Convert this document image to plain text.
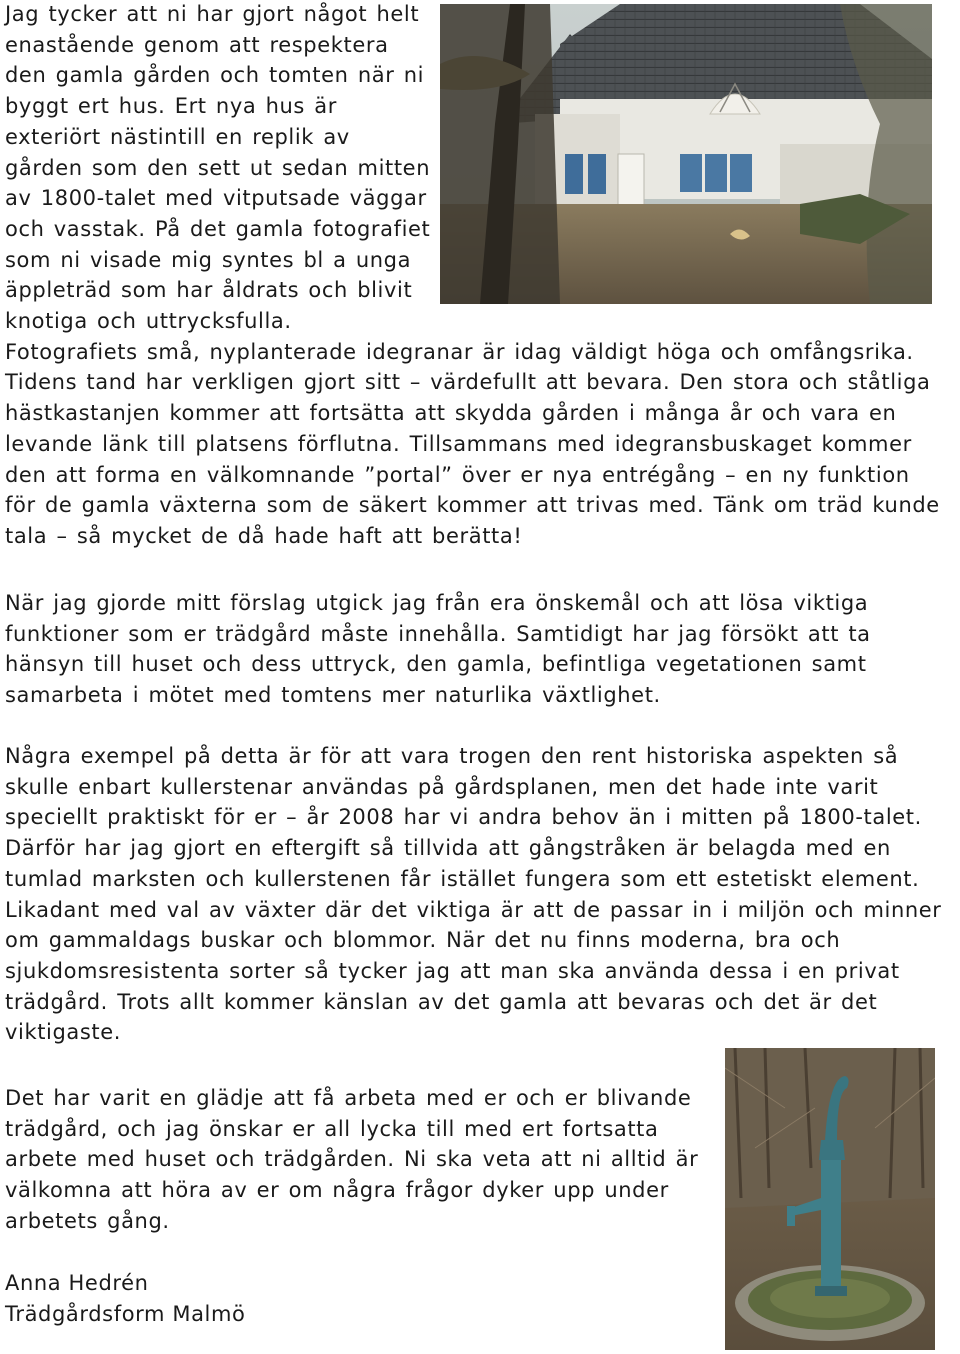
Jag tycker att ni har gjort något helt enastående genom att respektera den gamla gården och tomten när ni byggt ert hus. Ert nya hus är exteriört nästintill en replik av gården som den sett ut sedan mitten av 1800-talet med vitputsade väggar och vasstak. På det gamla fotografiet som ni visade mig syntes bl a unga äppleträd som har åldrats och blivit knotiga och uttrycksfulla. Fotografiets små, nyplanterade idegranar är idag väldigt höga och omfångsrika. Tidens tand har verkligen gjort sitt – värdefullt att bevara. Den stora och ståtliga hästkastanjen kommer att fortsätta att skydda gården i många år och vara en levande länk till platsens förflutna. Tillsammans med idegransbuskaget kommer den att forma en välkomnande ”portal” över er nya entrégång – en ny funktion för de gamla växterna som de säkert kommer att trivas med. Tänk om träd kunde tala – så mycket de då hade haft att berätta!

När jag gjorde mitt förslag utgick jag från era önskemål och att lösa viktiga funktioner som er trädgård måste innehålla. Samtidigt har jag försökt att ta hänsyn till huset och dess uttryck, den gamla, befintliga vegetationen samt samarbeta i mötet med tomtens mer naturlika växtlighet.

Några exempel på detta är för att vara trogen den rent historiska aspekten så skulle enbart kullerstenar användas på gårdsplanen, men det hade inte varit speciellt praktiskt för er – år 2008 har vi andra behov än i mitten på 1800-talet. Därför har jag gjort en eftergift så tillvida att gångstråken är belagda med en tumlad marksten och kullerstenen får istället fungera som ett estetiskt element. Likadant med val av växter där det viktiga är att de passar in i miljön och minner om gammaldags buskar och blommor. När det nu finns moderna, bra och sjukdomsresistenta sorter så tycker jag att man ska använda dessa i en privat trädgård. Trots allt kommer känslan av det gamla att bevaras och det är det viktigaste.

Det har varit en glädje att få arbeta med er och er blivande trädgård, och jag önskar er all lycka till med ert fortsatta arbete med huset och trädgården. Ni ska veta att ni alltid är välkomna att höra av er om några frågor dyker upp under arbetets gång.

Anna Hedrén
Trädgårdsform Malmö
